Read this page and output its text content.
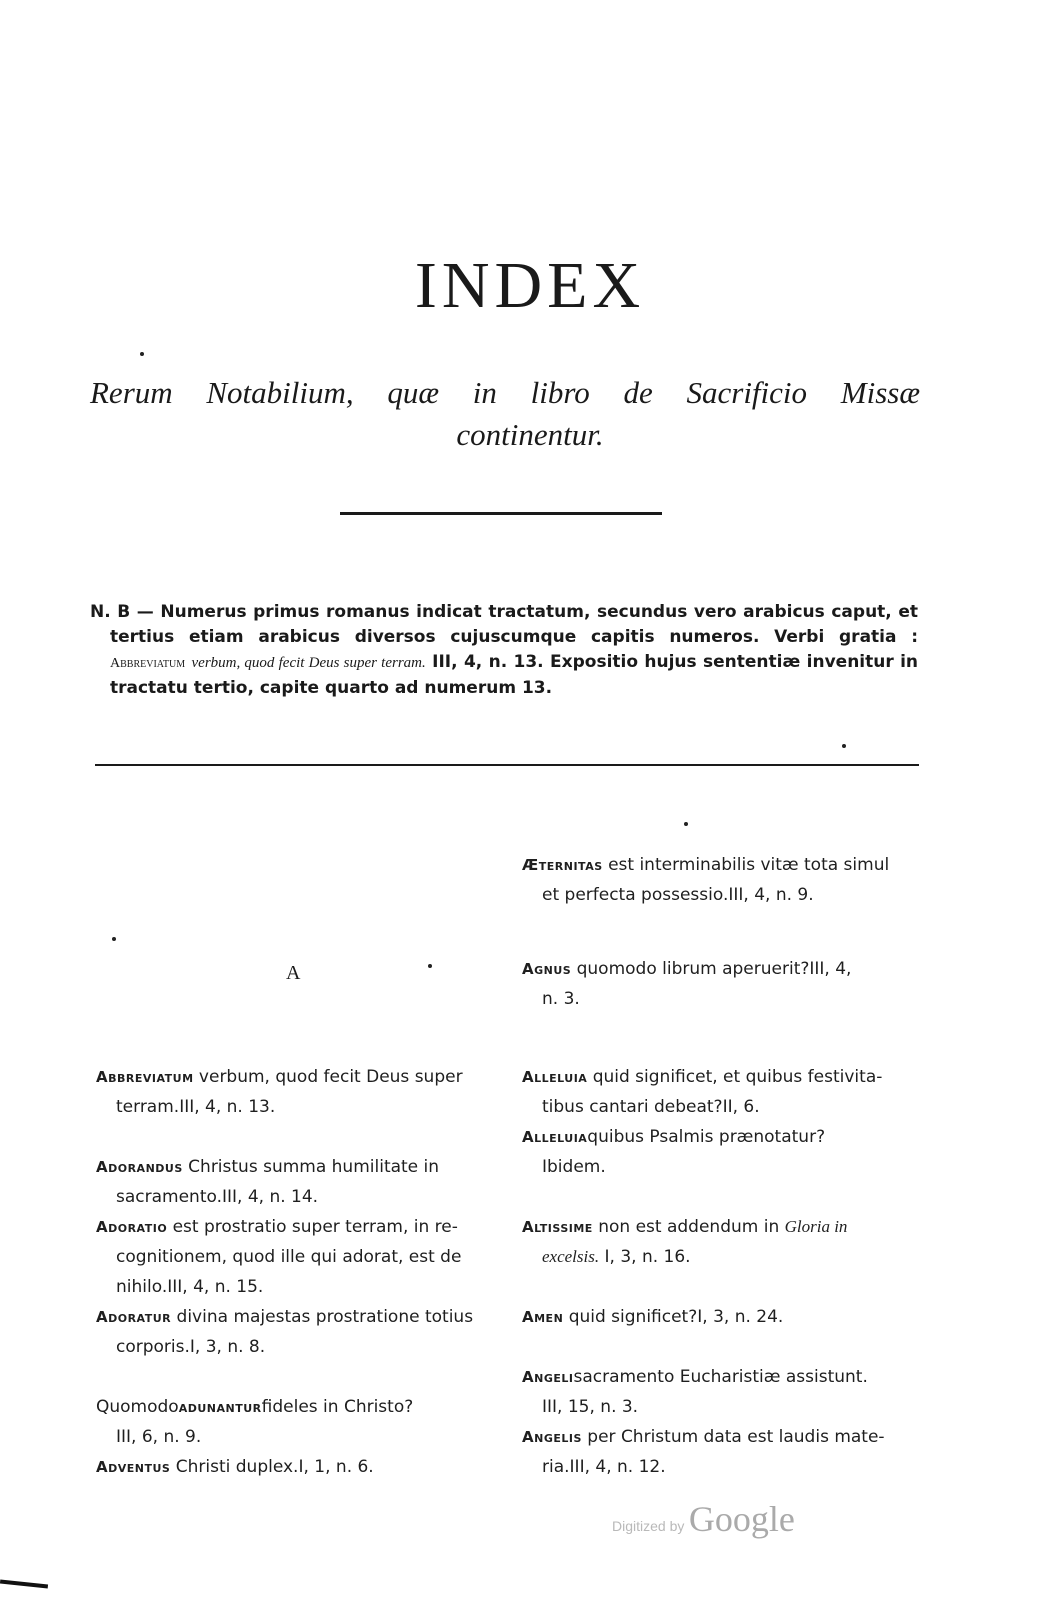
INDEX
Rerum Notabilium, quæ in libro de Sacrificio Missæ
continentur.
N. B — Numerus primus romanus indicat tractatum, secundus vero arabicus caput, et tertius etiam arabicus diversos cujuscumque capitis numeros. Verbi gratia : Abbreviatum verbum, quod fecit Deus super terram. III, 4, n. 13. Expositio hujus sententiæ invenitur in tractatu tertio, capite quarto ad numerum 13.
A
Abbreviatum verbum, quod fecit Deus super
terram.III, 4, n. 13.
Adorandus Christus summa humilitate in
sacramento.III, 4, n. 14.
Adoratio est prostratio super terram, in re-
cognitionem, quod ille qui adorat, est de
nihilo.III, 4, n. 15.
Adoratur divina majestas prostratione totius
corporis.I, 3, n. 8.
Quomodoadunanturfideles in Christo?
III, 6, n. 9.
Adventus Christi duplex.I, 1, n. 6.
Æternitas est interminabilis vitæ tota simul
et perfecta possessio.III, 4, n. 9.
Agnus quomodo librum aperuerit?III, 4,
n. 3.
Alleluia quid significet, et quibus festivita-
tibus cantari debeat?II, 6.
Alleluiaquibus Psalmis prænotatur?
Ibidem.
Altissime non est addendum in Gloria in
excelsis. I, 3, n. 16.
Amen quid significet?I, 3, n. 24.
Angelisacramento Eucharistiæ assistunt.
III, 15, n. 3.
Angelis per Christum data est laudis mate-
ria.III, 4, n. 12.
Digitized by Google
